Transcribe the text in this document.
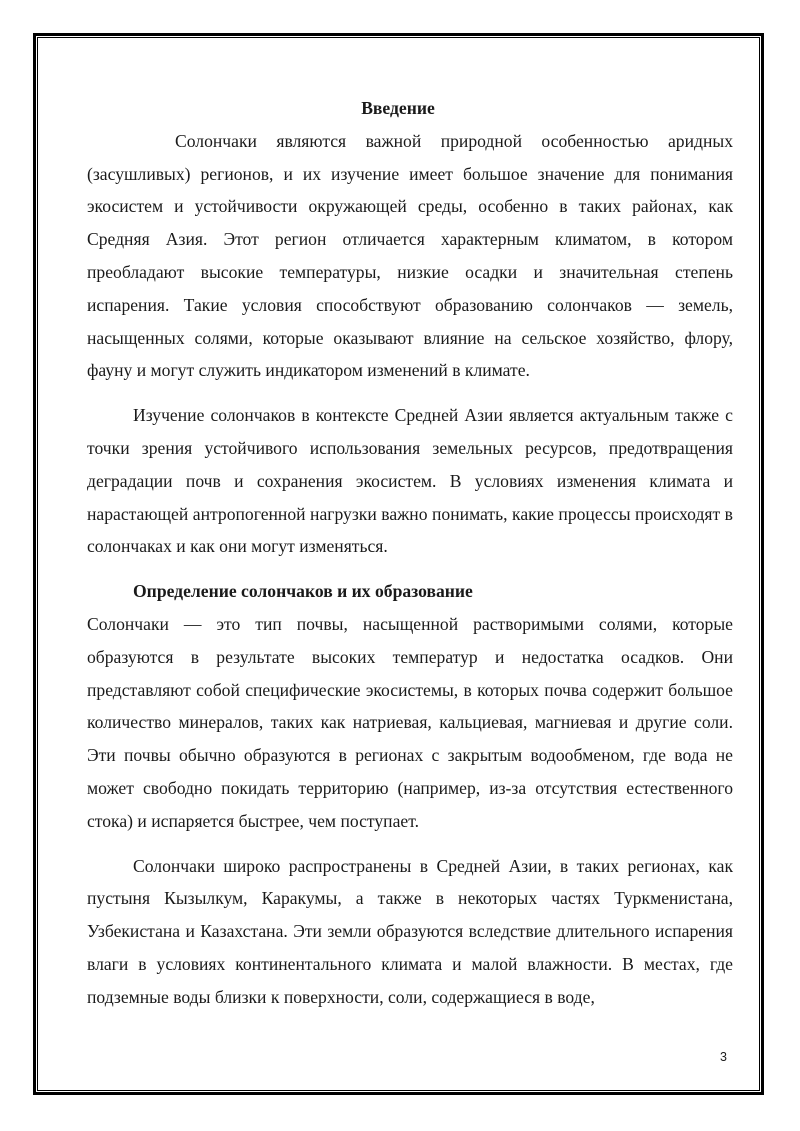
Введение

Солончаки являются важной природной особенностью аридных (засушливых) регионов, и их изучение имеет большое значение для понимания экосистем и устойчивости окружающей среды, особенно в таких районах, как Средняя Азия. Этот регион отличается характерным климатом, в котором преобладают высокие температуры, низкие осадки и значительная степень испарения. Такие условия способствуют образованию солончаков — земель, насыщенных солями, которые оказывают влияние на сельское хозяйство, флору, фауну и могут служить индикатором изменений в климате.

Изучение солончаков в контексте Средней Азии является актуальным также с точки зрения устойчивого использования земельных ресурсов, предотвращения деградации почв и сохранения экосистем. В условиях изменения климата и нарастающей антропогенной нагрузки важно понимать, какие процессы происходят в солончаках и как они могут изменяться.

Определение солончаков и их образование

Солончаки — это тип почвы, насыщенной растворимыми солями, которые образуются в результате высоких температур и недостатка осадков. Они представляют собой специфические экосистемы, в которых почва содержит большое количество минералов, таких как натриевая, кальциевая, магниевая и другие соли. Эти почвы обычно образуются в регионах с закрытым водообменом, где вода не может свободно покидать территорию (например, из-за отсутствия естественного стока) и испаряется быстрее, чем поступает.

Солончаки широко распространены в Средней Азии, в таких регионах, как пустыня Кызылкум, Каракумы, а также в некоторых частях Туркменистана, Узбекистана и Казахстана. Эти земли образуются вследствие длительного испарения влаги в условиях континентального климата и малой влажности. В местах, где подземные воды близки к поверхности, соли, содержащиеся в воде,

3
